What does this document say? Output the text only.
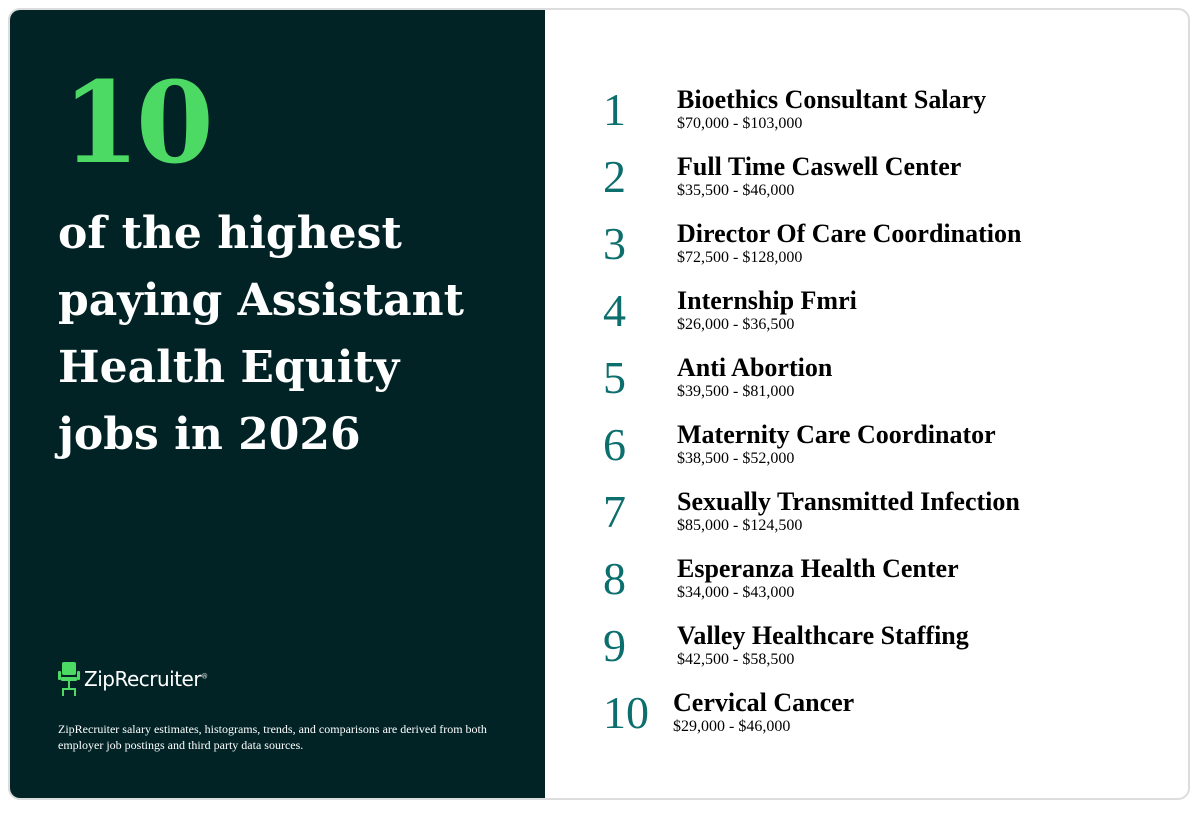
10
of the highest paying Assistant Health Equity jobs in 2026
ZipRecruiter®
ZipRecruiter salary estimates, histograms, trends, and comparisons are derived from both employer job postings and third party data sources.
1 Bioethics Consultant Salary
$70,000 - $103,000
2 Full Time Caswell Center
$35,500 - $46,000
3 Director Of Care Coordination
$72,500 - $128,000
4 Internship Fmri
$26,000 - $36,500
5 Anti Abortion
$39,500 - $81,000
6 Maternity Care Coordinator
$38,500 - $52,000
7 Sexually Transmitted Infection
$85,000 - $124,500
8 Esperanza Health Center
$34,000 - $43,000
9 Valley Healthcare Staffing
$42,500 - $58,500
10 Cervical Cancer
$29,000 - $46,000
